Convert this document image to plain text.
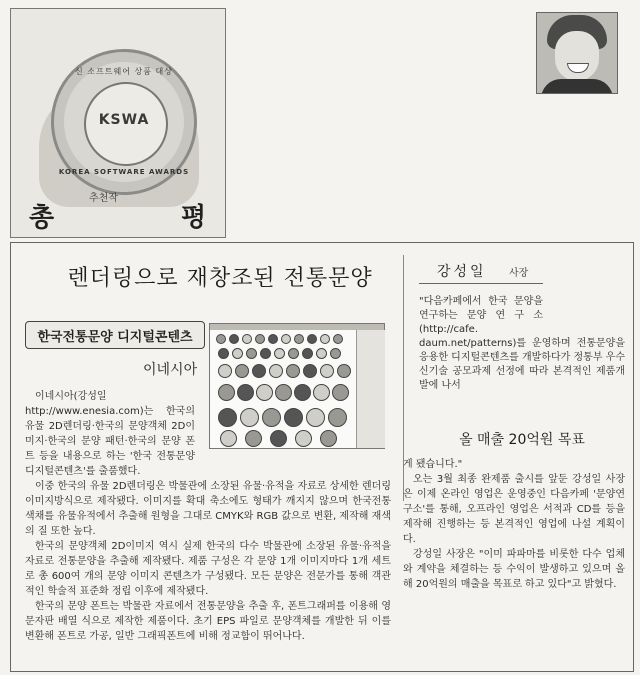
신 소프트웨어 상품 대상
KSWA
KOREA SOFTWARE AWARDS
추천작
총	평
렌더링으로 재창조된 전통문양
한국전통문양 디지털콘텐츠
이네시아

이네시아(강성일 http://www.enesia.com)는 한국의 유물 2D렌더링·한국의 문양객체 2D이미지·한국의 문양 패턴·한국의 문양 폰트 등을 내용으로 하는 '한국 전통문양디지털콘텐츠'를 출품했다.

이중 한국의 유물 2D렌더링은 박물관에 소장된 유물·유적을 자료로 상세한 렌더링 이미지방식으로 제작됐다. 이미지를 확대 축소에도 형태가 깨지지 않으며 한국전통 색채를 유물유적에서 추출해 원형을 그대로 CMYK와 RGB 값으로 변환, 제작해 재색의 질 또한 높다.

한국의 문양객체 2D이미지 역시 실제 한국의 다수 박물관에 소장된 유물·유적을 자료로 전통문양을 추출해 제작됐다. 제품 구성은 각 문양 1개 이미지마다 1개 세트로 총 600여 개의 문양 이미지 콘텐츠가 구성됐다. 모든 문양은 전문가를 통해 객관적인 학술적 표준화 정립 이후에 제작됐다.

한국의 문양 폰트는 박물관 자료에서 전통문양을 추출 후, 폰트그래퍼를 이용해 영문자판 배열 식으로 제작한 제품이다. 초기 EPS 파일로 문양객체를 개발한 뒤 이를 변환해 폰트로 가공, 일반 그래픽폰트에 비해 정교함이 뛰어나다.

강성일 사장

"다음카페에서 한국 문양을 연구하는 문양 연 구 소 (http://cafe.

daum.net/patterns)를 운영하며 전통문양을 응용한 디지털콘텐츠를 개발하다가 정통부 우수신기술 공모과제 선정에 따라 본격적인 제품개발에 나서

올 매출 20억원 목표

게 됐습니다."

오는 3월 최종 완제품 출시를 앞둔 강성일 사장은 이제 온라인 영업은 운영중인 다음카페 '문양연구소'를 통해, 오프라인 영업은 서적과 CD를 등을 제작해 진행하는 등 본격적인 영업에 나설 계획이다.

강성일 사장은 "이미 파파마를 비롯한 다수 업체와 계약을 체결하는 등 수익이 발생하고 있으며 올해 20억원의 매출을 목표로 하고 있다"고 밝혔다.
